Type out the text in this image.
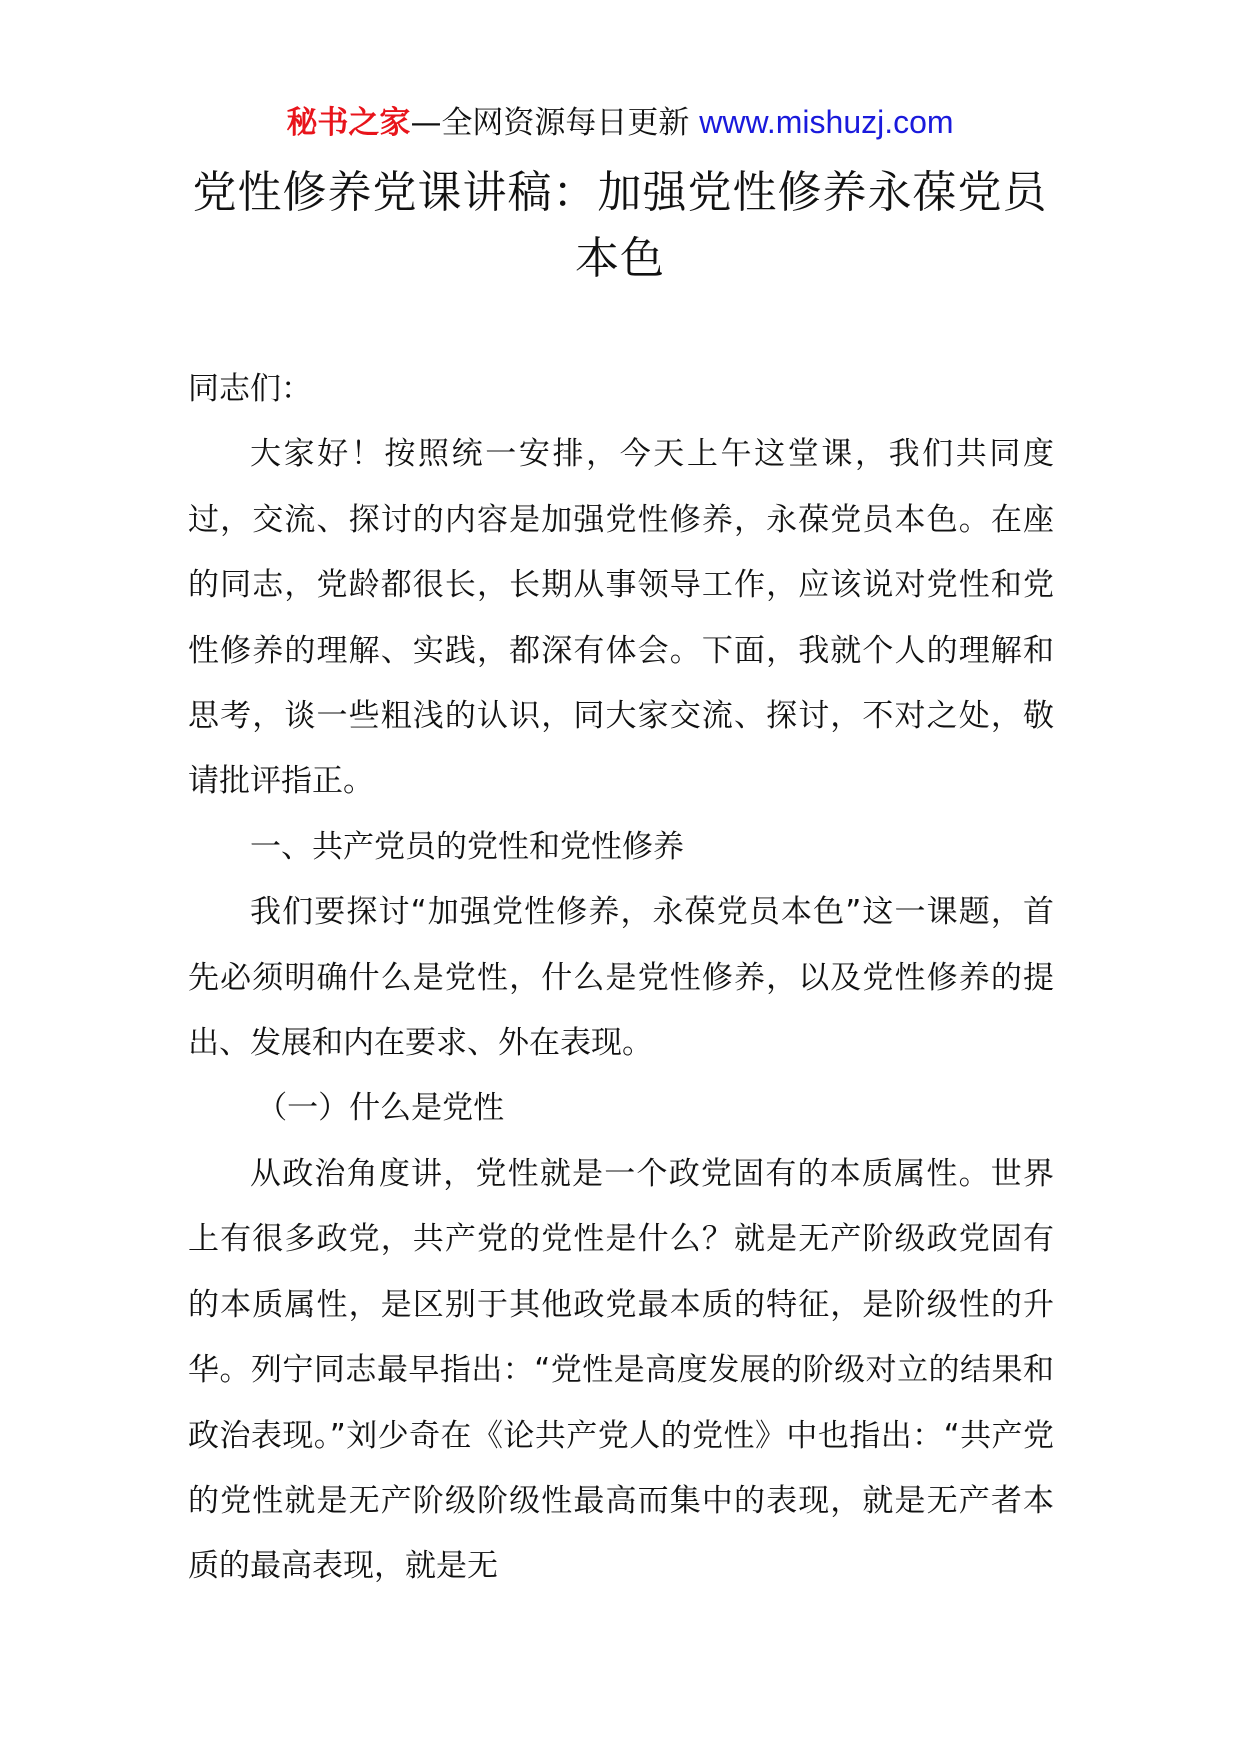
秘书之家—全网资源每日更新 www.mishuzj.com
党性修养党课讲稿：加强党性修养永葆党员本色

同志们：

大家好！按照统一安排，今天上午这堂课，我们共同度过，交流、探讨的内容是加强党性修养，永葆党员本色。在座的同志，党龄都很长，长期从事领导工作，应该说对党性和党性修养的理解、实践，都深有体会。下面，我就个人的理解和思考，谈一些粗浅的认识，同大家交流、探讨，不对之处，敬请批评指正。

一、共产党员的党性和党性修养

我们要探讨“加强党性修养，永葆党员本色”这一课题，首先必须明确什么是党性，什么是党性修养，以及党性修养的提出、发展和内在要求、外在表现。

（一）什么是党性

从政治角度讲，党性就是一个政党固有的本质属性。世界上有很多政党，共产党的党性是什么？就是无产阶级政党固有的本质属性，是区别于其他政党最本质的特征，是阶级性的升华。列宁同志最早指出：“党性是高度发展的阶级对立的结果和政治表现。”刘少奇在《论共产党人的党性》中也指出：“共产党的党性就是无产阶级阶级性最高而集中的表现，就是无产者本质的最高表现，就是无
